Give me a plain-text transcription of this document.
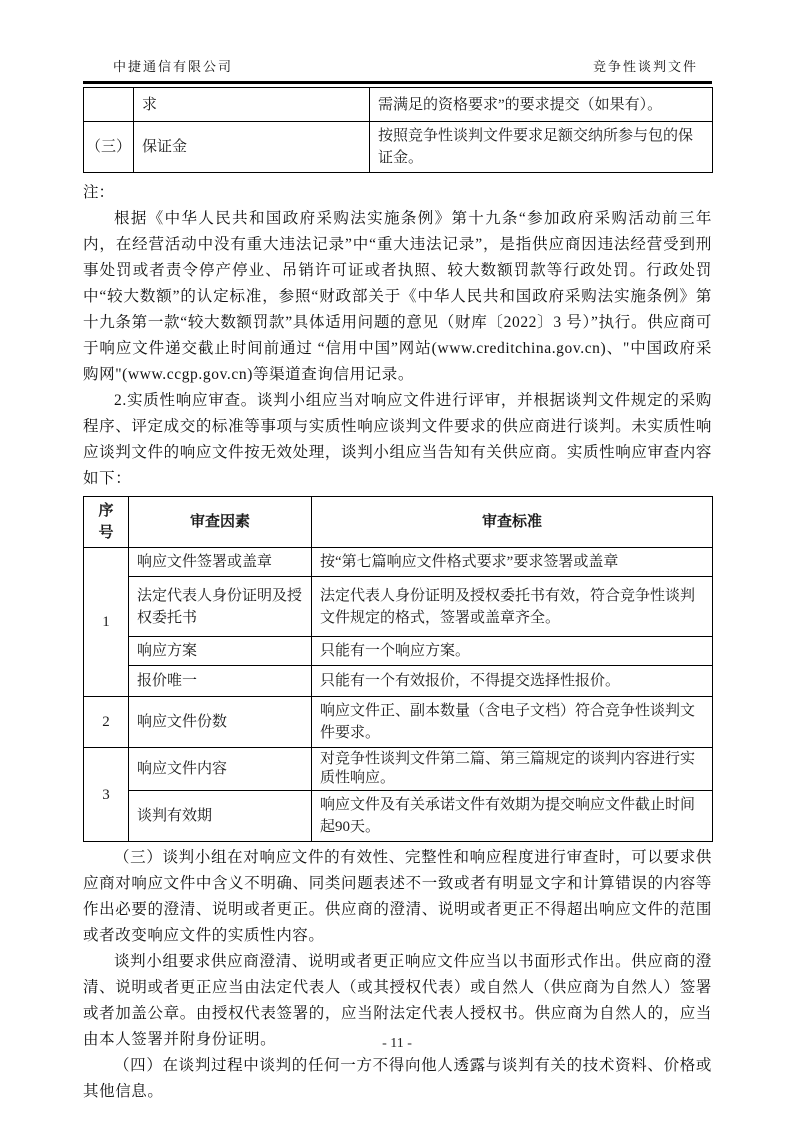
中捷通信有限公司	竞争性谈判文件
	求	需满足的资格要求”的要求提交（如果有）。
（三）	保证金	按照竞争性谈判文件要求足额交纳所参与包的保证金。
注：

根据《中华人民共和国政府采购法实施条例》第十九条“参加政府采购活动前三年内，在经营活动中没有重大违法记录”中“重大违法记录”，是指供应商因违法经营受到刑事处罚或者责令停产停业、吊销许可证或者执照、较大数额罚款等行政处罚。行政处罚中“较大数额”的认定标准，参照“财政部关于《中华人民共和国政府采购法实施条例》第十九条第一款“较大数额罚款”具体适用问题的意见（财库〔2022〕3 号）”执行。供应商可于响应文件递交截止时间前通过 “信用中国”网站(www.creditchina.gov.cn)、"中国政府采购网"(www.ccgp.gov.cn)等渠道查询信用记录。

2.实质性响应审查。谈判小组应当对响应文件进行评审，并根据谈判文件规定的采购程序、评定成交的标准等事项与实质性响应谈判文件要求的供应商进行谈判。未实质性响应谈判文件的响应文件按无效处理，谈判小组应当告知有关供应商。实质性响应审查内容如下：

序号	审查因素	审查标准
1	响应文件签署或盖章	按“第七篇响应文件格式要求”要求签署或盖章
	法定代表人身份证明及授权委托书	法定代表人身份证明及授权委托书有效，符合竞争性谈判文件规定的格式，签署或盖章齐全。
	响应方案	只能有一个响应方案。
	报价唯一	只能有一个有效报价，不得提交选择性报价。
2	响应文件份数	响应文件正、副本数量（含电子文档）符合竞争性谈判文件要求。
3	响应文件内容	对竞争性谈判文件第二篇、第三篇规定的谈判内容进行实质性响应。
	谈判有效期	响应文件及有关承诺文件有效期为提交响应文件截止时间起90天。

（三）谈判小组在对响应文件的有效性、完整性和响应程度进行审查时，可以要求供应商对响应文件中含义不明确、同类问题表述不一致或者有明显文字和计算错误的内容等作出必要的澄清、说明或者更正。供应商的澄清、说明或者更正不得超出响应文件的范围或者改变响应文件的实质性内容。

谈判小组要求供应商澄清、说明或者更正响应文件应当以书面形式作出。供应商的澄清、说明或者更正应当由法定代表人（或其授权代表）或自然人（供应商为自然人）签署或者加盖公章。由授权代表签署的，应当附法定代表人授权书。供应商为自然人的，应当由本人签署并附身份证明。

（四）在谈判过程中谈判的任何一方不得向他人透露与谈判有关的技术资料、价格或其他信息。

- 11 -
